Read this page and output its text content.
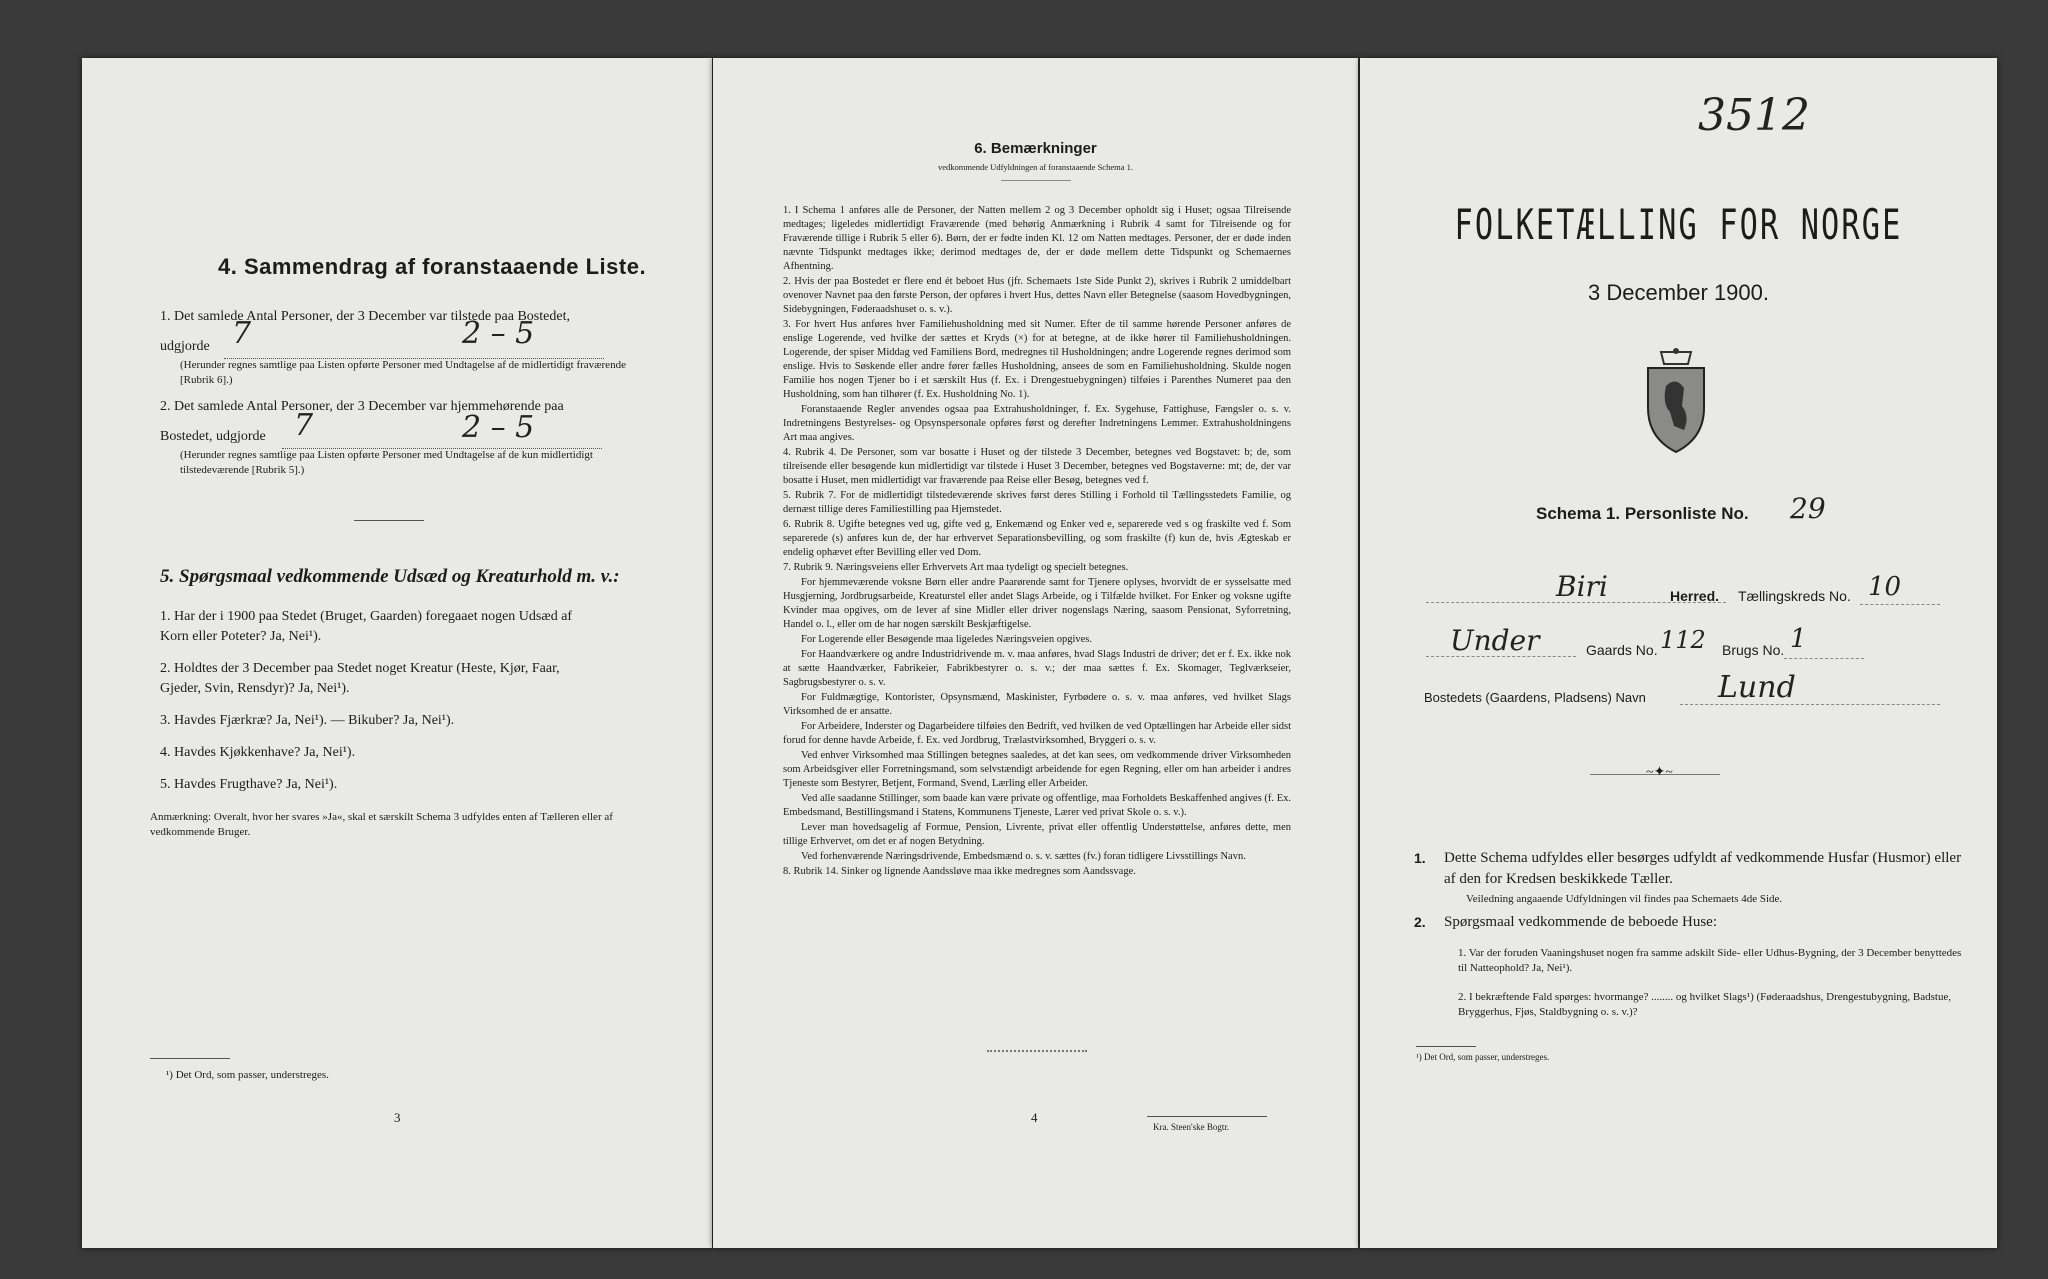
4. Sammendrag af foranstaaende Liste.
1. Det samlede Antal Personer, der 3 December var tilstede paa Bostedet,
udgjorde 7	2 – 5
(Herunder regnes samtlige paa Listen opførte Personer med Undtagelse af de midlertidigt fraværende [Rubrik 6].)
2. Det samlede Antal Personer, der 3 December var hjemmehørende paa
Bostedet, udgjorde 7	2 – 5
(Herunder regnes samtlige paa Listen opførte Personer med Undtagelse af de kun midlertidigt tilstedeværende [Rubrik 5].)
5. Spørgsmaal vedkommende Udsæd og Kreaturhold m. v.:
1. Har der i 1900 paa Stedet (Bruget, Gaarden) foregaaet nogen Udsæd af
Korn eller Poteter? Ja, Nei¹).
2. Holdtes der 3 December paa Stedet noget Kreatur (Heste, Kjør, Faar,
Gjeder, Svin, Rensdyr)? Ja, Nei¹).
3. Havdes Fjærkræ? Ja, Nei¹). — Bikuber? Ja, Nei¹).
4. Havdes Kjøkkenhave? Ja, Nei¹).
5. Havdes Frugthave? Ja, Nei¹).
Anmærkning: Overalt, hvor her svares »Ja«, skal et særskilt Schema 3 udfyldes enten af Tælleren eller af vedkommende Bruger.
¹) Det Ord, som passer, understreges.
3
6. Bemærkninger
vedkommende Udfyldningen af foranstaaende Schema 1.
1. I Schema 1 anføres alle de Personer, der Natten mellem 2 og 3 December opholdt sig i Huset; ogsaa Tilreisende medtages; ligeledes midlertidigt Fraværende (med behørig Anmærkning i Rubrik 4 samt for Tilreisende og for Fraværende tillige i Rubrik 5 eller 6). Børn, der er fødte inden Kl. 12 om Natten medtages. Personer, der er døde inden nævnte Tidspunkt medtages ikke; derimod medtages de, der er døde mellem dette Tidspunkt og Schemaernes Afhentning.
2. Hvis der paa Bostedet er flere end ét beboet Hus (jfr. Schemaets 1ste Side Punkt 2), skrives i Rubrik 2 umiddelbart ovenover Navnet paa den første Person, der opføres i hvert Hus, dettes Navn eller Betegnelse (saasom Hovedbygningen, Sidebygningen, Føderaadshuset o. s. v.).
3. For hvert Hus anføres hver Familiehusholdning med sit Numer. Efter de til samme hørende Personer anføres de enslige Logerende, ved hvilke der sættes et Kryds (×) for at betegne, at de ikke hører til Familiehusholdningen. Logerende, der spiser Middag ved Familiens Bord, medregnes til Husholdningen; andre Logerende regnes derimod som enslige. Hvis to Søskende eller andre fører fælles Husholdning, ansees de som en Familiehusholdning. Skulde nogen Familie hos nogen Tjener bo i et særskilt Hus (f. Ex. i Drengestuebygningen) tilføies i Parenthes Numeret paa den Husholdning, som han tilhører (f. Ex. Husholdning No. 1).
Foranstaaende Regler anvendes ogsaa paa Extrahusholdninger, f. Ex. Sygehuse, Fattighuse, Fængsler o. s. v. Indretningens Bestyrelses- og Opsynspersonale opføres først og derefter Indretningens Lemmer. Extrahusholdningens Art maa angives.
4. Rubrik 4. De Personer, som var bosatte i Huset og der tilstede 3 December, betegnes ved Bogstavet: b; de, som tilreisende eller besøgende kun midlertidigt var tilstede i Huset 3 December, betegnes ved Bogstaverne: mt; de, der var bosatte i Huset, men midlertidigt var fraværende paa Reise eller Besøg, betegnes ved f.
5. Rubrik 7. For de midlertidigt tilstedeværende skrives først deres Stilling i Forhold til Tællingsstedets Familie, og dernæst tillige deres Familiestilling paa Hjemstedet.
6. Rubrik 8. Ugifte betegnes ved ug, gifte ved g, Enkemænd og Enker ved e, separerede ved s og fraskilte ved f. Som separerede (s) anføres kun de, der har erhvervet Separationsbevilling, og som fraskilte (f) kun de, hvis Ægteskab er endelig ophævet efter Bevilling eller ved Dom.
7. Rubrik 9. Næringsveiens eller Erhvervets Art maa tydeligt og specielt betegnes.
For hjemmeværende voksne Børn eller andre Paarørende samt for Tjenere oplyses, hvorvidt de er sysselsatte med Husgjerning, Jordbrugsarbeide, Kreaturstel eller andet Slags Arbeide, og i Tilfælde hvilket. For Enker og voksne ugifte Kvinder maa opgives, om de lever af sine Midler eller driver nogenslags Næring, saasom Pensionat, Syforretning, Handel o. l., eller om de har nogen særskilt Beskjæftigelse.
For Logerende eller Besøgende maa ligeledes Næringsveien opgives.
For Haandværkere og andre Industridrivende m. v. maa anføres, hvad Slags Industri de driver; det er f. Ex. ikke nok at sætte Haandværker, Fabrikeier, Fabrikbestyrer o. s. v.; der maa sættes f. Ex. Skomager, Teglværkseier, Sagbrugsbestyrer o. s. v.
For Fuldmægtige, Kontorister, Opsynsmænd, Maskinister, Fyrbødere o. s. v. maa anføres, ved hvilket Slags Virksomhed de er ansatte.
For Arbeidere, Inderster og Dagarbeidere tilføies den Bedrift, ved hvilken de ved Optællingen har Arbeide eller sidst forud for denne havde Arbeide, f. Ex. ved Jordbrug, Trælastvirksomhed, Bryggeri o. s. v.
Ved enhver Virksomhed maa Stillingen betegnes saaledes, at det kan sees, om vedkommende driver Virksomheden som Arbeidsgiver eller Forretningsmand, som selvstændigt arbeidende for egen Regning, eller om han arbeider i andres Tjeneste som Bestyrer, Betjent, Formand, Svend, Lærling eller Arbeider.
Ved alle saadanne Stillinger, som baade kan være private og offentlige, maa Forholdets Beskaffenhed angives (f. Ex. Embedsmand, Bestillingsmand i Statens, Kommunens Tjeneste, Lærer ved privat Skole o. s. v.).
Lever man hovedsagelig af Formue, Pension, Livrente, privat eller offentlig Understøttelse, anføres dette, men tillige Erhvervet, om det er af nogen Betydning.
Ved forhenværende Næringsdrivende, Embedsmænd o. s. v. sættes (fv.) foran tidligere Livsstillings Navn.
8. Rubrik 14. Sinker og lignende Aandssløve maa ikke medregnes som Aandssvage.
4
Kra. Steen'ske Bogtr.
3512
FOLKETÆLLING FOR NORGE
3 December 1900.
Schema 1. Personliste No. 29
Biri	Herred. Tællingskreds No. 10
Under	Gaards No. 112 Brugs No. 1
Bostedets (Gaardens, Pladsens) Navn Lund
~✦~
1. Dette Schema udfyldes eller besørges udfyldt af vedkommende Husfar (Husmor) eller af den for Kredsen beskikkede Tæller.
Veiledning angaaende Udfyldningen vil findes paa Schemaets 4de Side.
2. Spørgsmaal vedkommende de beboede Huse:
1. Var der foruden Vaaningshuset nogen fra samme adskilt Side- eller Udhus-Bygning, der 3 December benyttedes til Natteophold? Ja, Nei¹).
2. I bekræftende Fald spørges: hvormange? ........ og hvilket Slags¹) (Føderaadshus, Drengestubygning, Badstue, Bryggerhus, Fjøs, Staldbygning o. s. v.)?
¹) Det Ord, som passer, understreges.
